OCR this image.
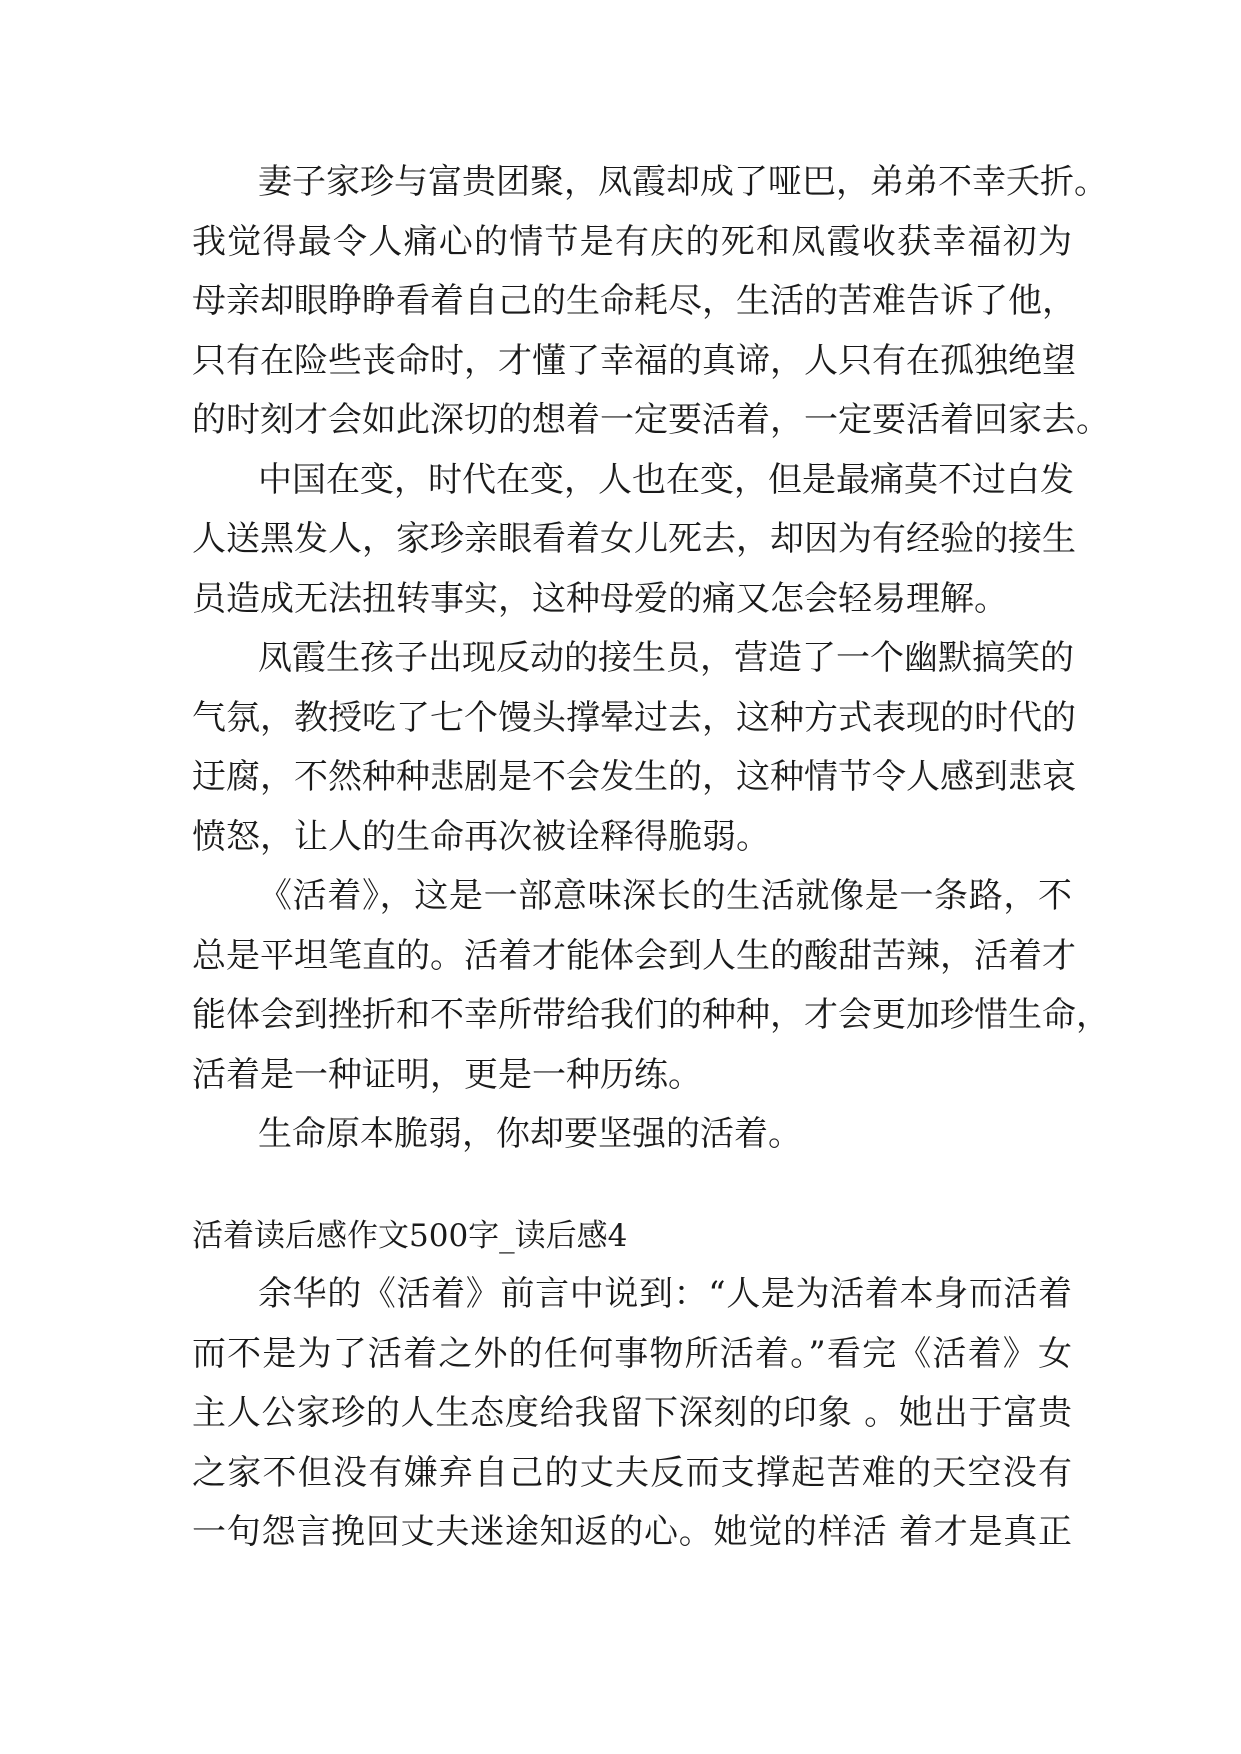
妻子家珍与富贵团聚，凤霞却成了哑巴，弟弟不幸夭折。
我觉得最令人痛心的情节是有庆的死和凤霞收获幸福初为
母亲却眼睁睁看着自己的生命耗尽，生活的苦难告诉了他，
只有在险些丧命时，才懂了幸福的真谛，人只有在孤独绝望
的时刻才会如此深切的想着一定要活着，一定要活着回家去。
中国在变，时代在变，人也在变，但是最痛莫不过白发
人送黑发人，家珍亲眼看着女儿死去，却因为有经验的接生
员造成无法扭转事实，这种母爱的痛又怎会轻易理解。
凤霞生孩子出现反动的接生员，营造了一个幽默搞笑的
气氛，教授吃了七个馒头撑晕过去，这种方式表现的时代的
迂腐，不然种种悲剧是不会发生的，这种情节令人感到悲哀
愤怒，让人的生命再次被诠释得脆弱。
《活着》，这是一部意味深长的生活就像是一条路，不
总是平坦笔直的。活着才能体会到人生的酸甜苦辣，活着才
能体会到挫折和不幸所带给我们的种种，才会更加珍惜生命，
活着是一种证明，更是一种历练。
生命原本脆弱，你却要坚强的活着。
活着读后感作文500字_读后感4
余华的《活着》前言中说到：“人是为活着本身而活着
而不是为了活着之外的任何事物所活着。”看完《活着》女
主人公家珍的人生态度给我留下深刻的印象 。她出于富贵
之家不但没有嫌弃自己的丈夫反而支撑起苦难的天空没有
一句怨言挽回丈夫迷途知返的心。她觉的样活 着才是真正
